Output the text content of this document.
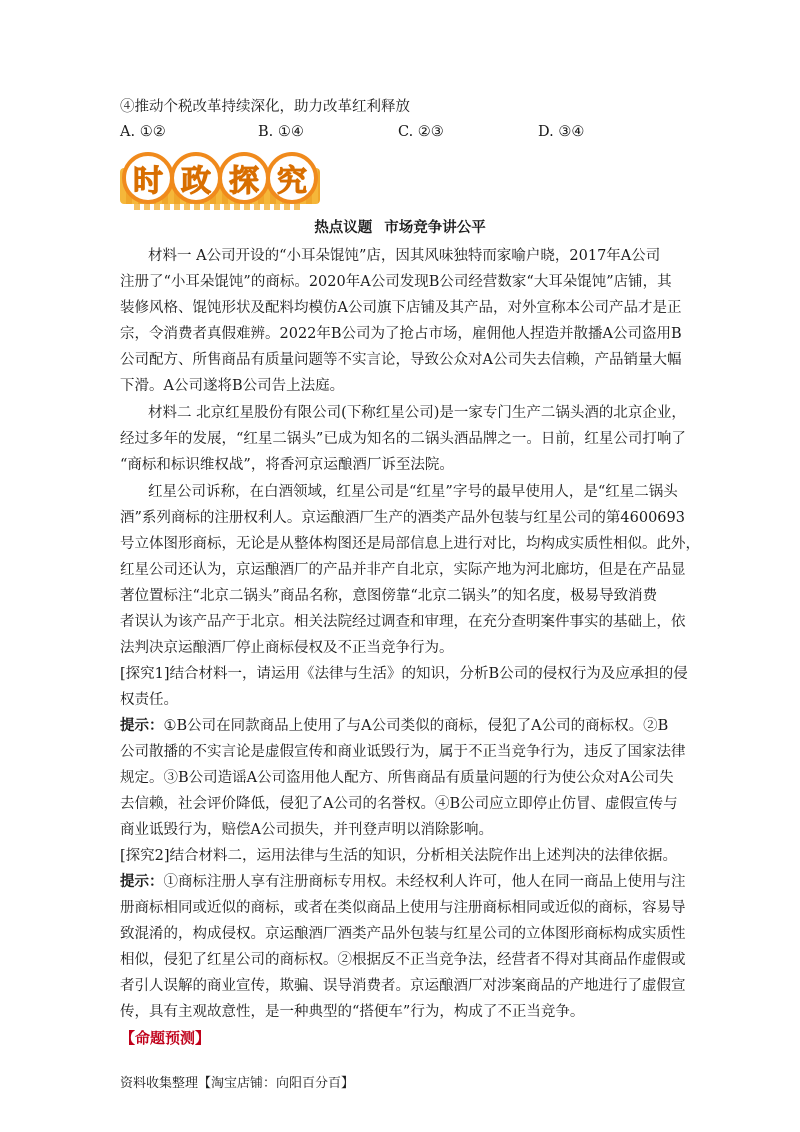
④推动个税改革持续深化，助力改革红利释放
A. ①②	B. ①④	C. ②③	D. ③④
时 政 探 究
热点议题 市场竞争讲公平
材料一 A公司开设的“小耳朵馄饨”店，因其风味独特而家喻户晓，2017年A公司
注册了“小耳朵馄饨”的商标。2020年A公司发现B公司经营数家“大耳朵馄饨”店铺，其
装修风格、馄饨形状及配料均模仿A公司旗下店铺及其产品，对外宣称本公司产品才是正
宗，令消费者真假难辨。2022年B公司为了抢占市场，雇佣他人捏造并散播A公司盗用B
公司配方、所售商品有质量问题等不实言论，导致公众对A公司失去信赖，产品销量大幅
下滑。A公司遂将B公司告上法庭。
材料二 北京红星股份有限公司(下称红星公司)是一家专门生产二锅头酒的北京企业，
经过多年的发展，“红星二锅头”已成为知名的二锅头酒品牌之一。日前，红星公司打响了
“商标和标识维权战”，将香河京运酿酒厂诉至法院。
红星公司诉称，在白酒领域，红星公司是“红星”字号的最早使用人，是“红星二锅头
酒”系列商标的注册权利人。京运酿酒厂生产的酒类产品外包装与红星公司的第4600693
号立体图形商标，无论是从整体构图还是局部信息上进行对比，均构成实质性相似。此外，
红星公司还认为，京运酿酒厂的产品并非产自北京，实际产地为河北廊坊，但是在产品显
著位置标注“北京二锅头”商品名称，意图傍靠“北京二锅头”的知名度，极易导致消费
者误认为该产品产于北京。相关法院经过调查和审理，在充分查明案件事实的基础上，依
法判决京运酿酒厂停止商标侵权及不正当竞争行为。
[探究1]结合材料一，请运用《法律与生活》的知识，分析B公司的侵权行为及应承担的侵
权责任。
提示：①B公司在同款商品上使用了与A公司类似的商标，侵犯了A公司的商标权。②B
公司散播的不实言论是虚假宣传和商业诋毁行为，属于不正当竞争行为，违反了国家法律
规定。③B公司造谣A公司盗用他人配方、所售商品有质量问题的行为使公众对A公司失
去信赖，社会评价降低，侵犯了A公司的名誉权。④B公司应立即停止仿冒、虚假宣传与
商业诋毁行为，赔偿A公司损失，并刊登声明以消除影响。
[探究2]结合材料二，运用法律与生活的知识，分析相关法院作出上述判决的法律依据。
提示：①商标注册人享有注册商标专用权。未经权利人许可，他人在同一商品上使用与注
册商标相同或近似的商标，或者在类似商品上使用与注册商标相同或近似的商标，容易导
致混淆的，构成侵权。京运酿酒厂酒类产品外包装与红星公司的立体图形商标构成实质性
相似，侵犯了红星公司的商标权。②根据反不正当竞争法，经营者不得对其商品作虚假或
者引人误解的商业宣传，欺骗、误导消费者。京运酿酒厂对涉案商品的产地进行了虚假宣
传，具有主观故意性，是一种典型的“搭便车”行为，构成了不正当竞争。
【命题预测】
资料收集整理【淘宝店铺：向阳百分百】
